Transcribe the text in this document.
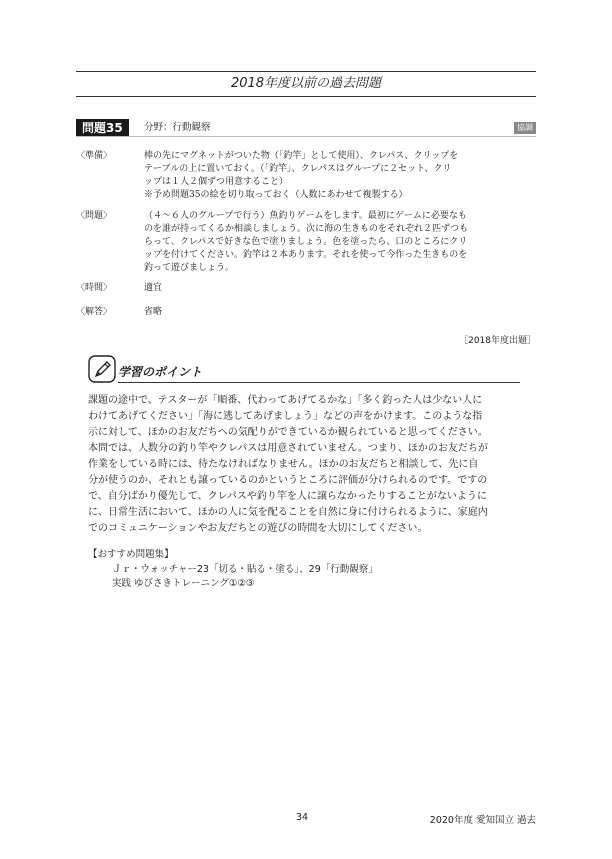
2018年度以前の過去問題
問題35	分野：行動観察	協調
〈準備〉	棒の先にマグネットがついた物（「釣竿」として使用）、クレパス、クリップを
テーブルの上に置いておく。（「釣竿」、クレパスはグループに２セット、クリ
ップは１人２個ずつ用意すること）
※予め問題35の絵を切り取っておく（人数にあわせて複製する）
〈問題〉	（４～６人のグループで行う）魚釣りゲームをします。最初にゲームに必要なも
のを誰が持ってくるか相談しましょう。次に海の生きものをそれぞれ２匹ずつも
らって、クレパスで好きな色で塗りましょう。色を塗ったら、口のところにクリ
ップを付けてください。釣竿は２本あります。それを使って今作った生きものを
釣って遊びましょう。
〈時間〉	適宜
〈解答〉	省略
［2018年度出題］
学習のポイント
課題の途中で、テスターが「順番、代わってあげてるかな」「多く釣った人は少ない人に
わけてあげてください」「海に逃してあげましょう」などの声をかけます。このような指
示に対して、ほかのお友だちへの気配りができているか観られていると思ってください。
本問では、人数分の釣り竿やクレパスは用意されていません。つまり、ほかのお友だちが
作業をしている時には、待たなければなりません。ほかのお友だちと相談して、先に自
分が使うのか、それとも譲っているのかというところに評価が分けられるのです。ですの
で、自分ばかり優先して、クレパスや釣り竿を人に譲らなかったりすることがないように
に、日常生活において、ほかの人に気を配ることを自然に身に付けられるように、家庭内
でのコミュニケーションやお友だちとの遊びの時間を大切にしてください。
【おすすめ問題集】
Ｊｒ・ウォッチャー23「切る・貼る・塗る」、29「行動観察」
実践 ゆびさきトレーニング①②③
34	2020年度 愛知国立 過去
